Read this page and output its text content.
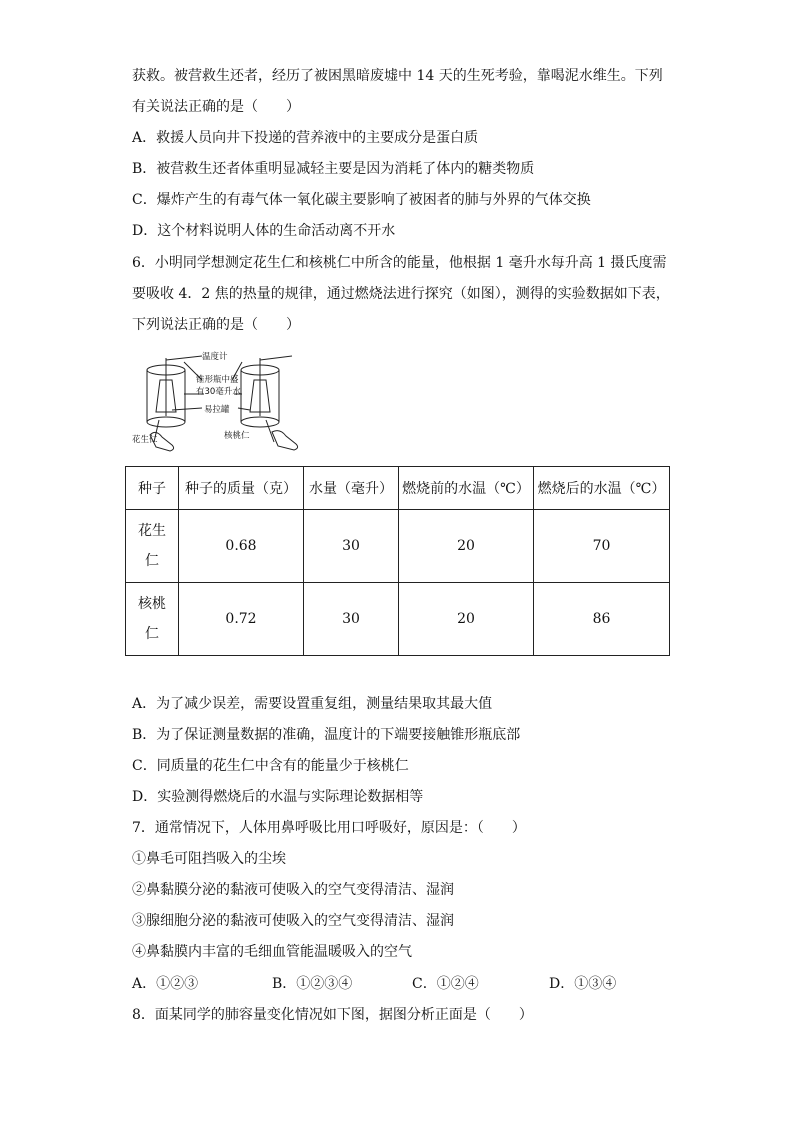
获救。被营救生还者，经历了被困黑暗废墟中 14 天的生死考验，靠喝泥水维生。下列
有关说法正确的是（　　）
A．救援人员向井下投递的营养液中的主要成分是蛋白质
B．被营救生还者体重明显减轻主要是因为消耗了体内的糖类物质
C．爆炸产生的有毒气体一氧化碳主要影响了被困者的肺与外界的气体交换
D．这个材料说明人体的生命活动离不开水
6．小明同学想测定花生仁和核桃仁中所含的能量，他根据 1 毫升水每升高 1 摄氏度需
要吸收 4．2 焦的热量的规律，通过燃烧法进行探究（如图），测得的实验数据如下表，
下列说法正确的是（　　）
温度计
锥形瓶中盛
有30毫升水
易拉罐
花生仁	核桃仁
种子	种子的质量（克）	水量（毫升）	燃烧前的水温（℃）	燃烧后的水温（℃）
花生
仁	0.68	30	20	70
核桃
仁	0.72	30	20	86
A．为了减少误差，需要设置重复组，测量结果取其最大值
B．为了保证测量数据的准确，温度计的下端要接触锥形瓶底部
C．同质量的花生仁中含有的能量少于核桃仁
D．实验测得燃烧后的水温与实际理论数据相等
7．通常情况下，人体用鼻呼吸比用口呼吸好，原因是：（　　）
①鼻毛可阻挡吸入的尘埃
②鼻黏膜分泌的黏液可使吸入的空气变得清洁、湿润
③腺细胞分泌的黏液可使吸入的空气变得清洁、湿润
④鼻黏膜内丰富的毛细血管能温暖吸入的空气
A．①②③	B．①②③④	C．①②④	D．①③④
8．面某同学的肺容量变化情况如下图，据图分析正面是（　　）
